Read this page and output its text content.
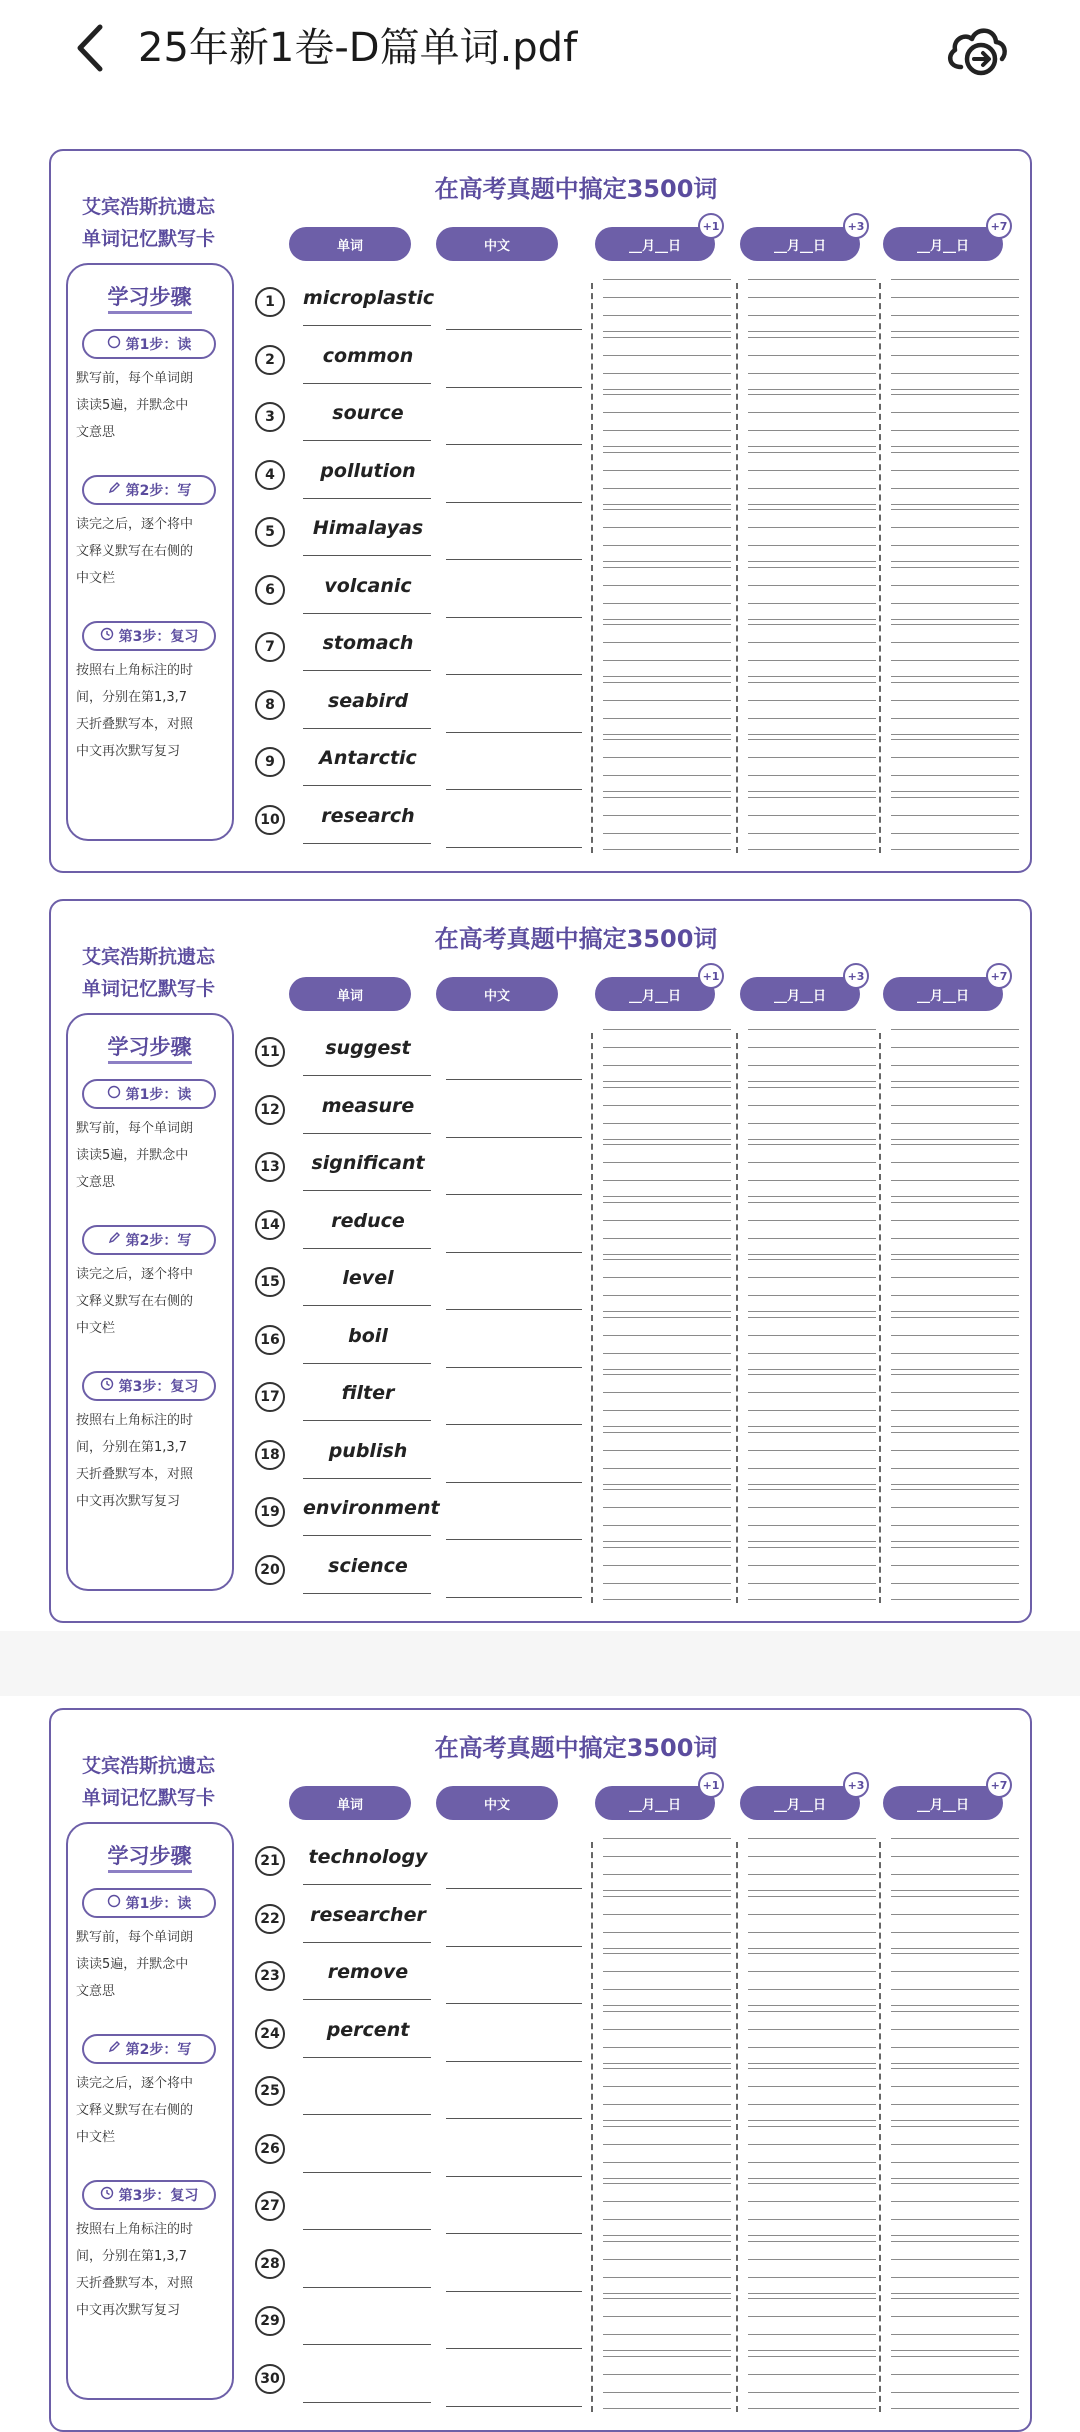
25年新1卷-D篇单词.pdf
艾宾浩斯抗遗忘
单词记忆默写卡
学习步骤
第1步：读
默写前，每个单词朗
读读5遍，并默念中
文意思
第2步：写
读完之后，逐个将中
文释义默写在右侧的
中文栏
第3步：复习
按照右上角标注的时
间，分别在第1,3,7
天折叠默写本，对照
中文再次默写复习
在高考真题中搞定3500词
单词	中文	__月__日
+1
__月__日
+3
__月__日
+7
1	microplastic
2	common
3	source
4	pollution
5	Himalayas
6	volcanic
7	stomach
8	seabird
9	Antarctic
10	research
艾宾浩斯抗遗忘
单词记忆默写卡
学习步骤
第1步：读
默写前，每个单词朗
读读5遍，并默念中
文意思
第2步：写
读完之后，逐个将中
文释义默写在右侧的
中文栏
第3步：复习
按照右上角标注的时
间，分别在第1,3,7
天折叠默写本，对照
中文再次默写复习
在高考真题中搞定3500词
单词	中文	__月__日
+1
__月__日
+3
__月__日
+7
11	suggest
12	measure
13	significant
14	reduce
15	level
16	boil
17	filter
18	publish
19 environment
20	science
艾宾浩斯抗遗忘
单词记忆默写卡
学习步骤
第1步：读
默写前，每个单词朗
读读5遍，并默念中
文意思
第2步：写
读完之后，逐个将中
文释义默写在右侧的
中文栏
第3步：复习
按照右上角标注的时
间，分别在第1,3,7
天折叠默写本，对照
中文再次默写复习
在高考真题中搞定3500词
单词	中文	__月__日
+1
__月__日
+3
__月__日
+7
21 technology
22	researcher
23	remove
24	percent
25
26
27
28
29
30
